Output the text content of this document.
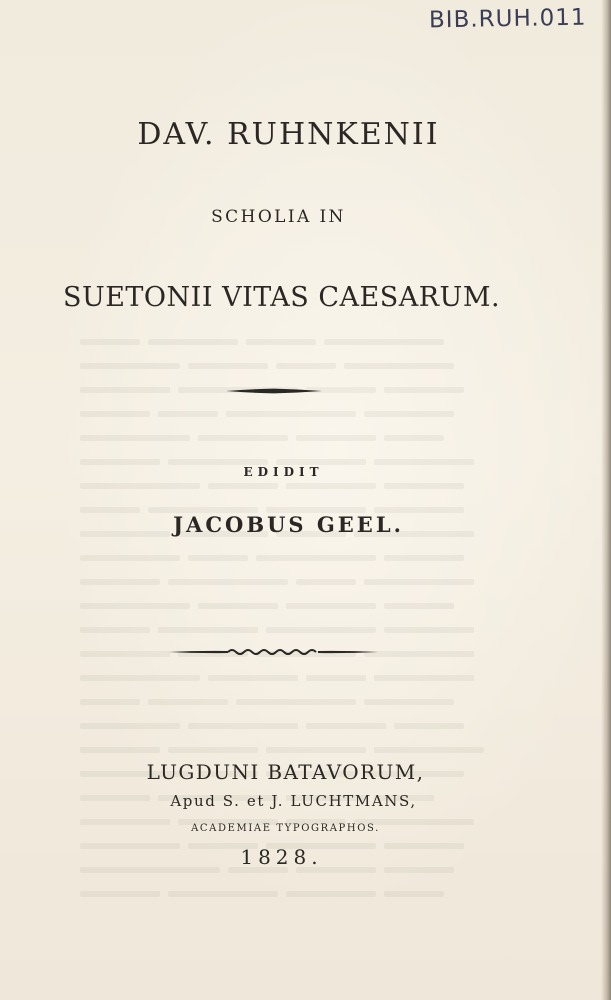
BIB.RUH.011
DAV. RUHNKENII
SCHOLIA IN
SUETONII VITAS CAESARUM.
EDIDIT
JACOBUS GEEL.
LUGDUNI BATAVORUM,
Apud S. et J. LUCHTMANS,
ACADEMIAE TYPOGRAPHOS.
1828.
